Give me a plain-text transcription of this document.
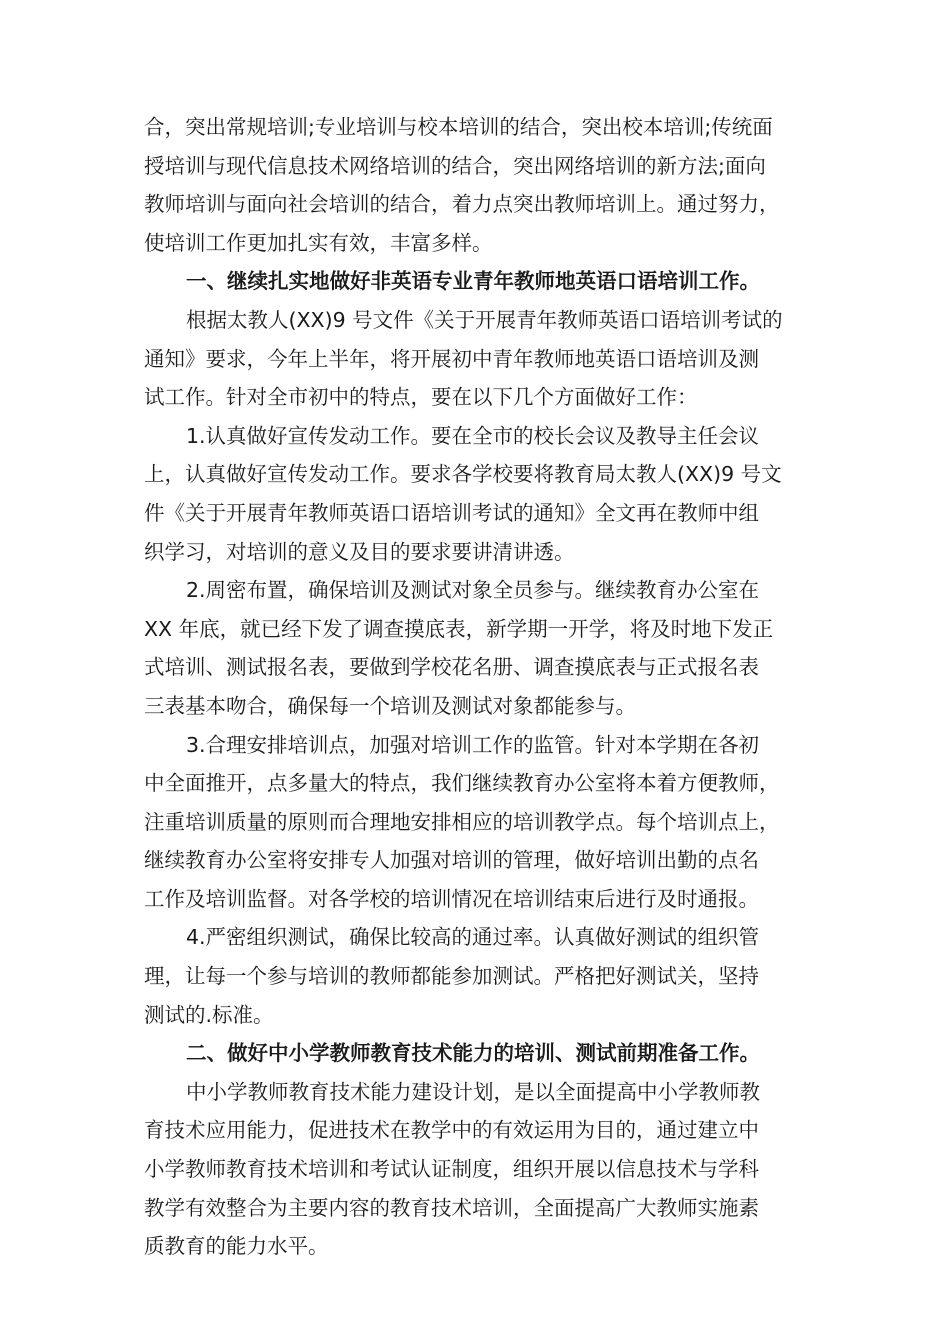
合，突出常规培训;专业培训与校本培训的结合，突出校本培训;传统面
授培训与现代信息技术网络培训的结合，突出网络培训的新方法;面向
教师培训与面向社会培训的结合，着力点突出教师培训上。通过努力，
使培训工作更加扎实有效，丰富多样。
一、继续扎实地做好非英语专业青年教师地英语口语培训工作。
根据太教人(XX)9 号文件《关于开展青年教师英语口语培训考试的
通知》要求，今年上半年，将开展初中青年教师地英语口语培训及测
试工作。针对全市初中的特点，要在以下几个方面做好工作：
1.认真做好宣传发动工作。要在全市的校长会议及教导主任会议
上，认真做好宣传发动工作。要求各学校要将教育局太教人(XX)9 号文
件《关于开展青年教师英语口语培训考试的通知》全文再在教师中组
织学习，对培训的意义及目的要求要讲清讲透。
2.周密布置，确保培训及测试对象全员参与。继续教育办公室在
XX 年底，就已经下发了调查摸底表，新学期一开学，将及时地下发正
式培训、测试报名表，要做到学校花名册、调查摸底表与正式报名表
三表基本吻合，确保每一个培训及测试对象都能参与。
3.合理安排培训点，加强对培训工作的监管。针对本学期在各初
中全面推开，点多量大的特点，我们继续教育办公室将本着方便教师，
注重培训质量的原则而合理地安排相应的培训教学点。每个培训点上，
继续教育办公室将安排专人加强对培训的管理，做好培训出勤的点名
工作及培训监督。对各学校的培训情况在培训结束后进行及时通报。
4.严密组织测试，确保比较高的通过率。认真做好测试的组织管
理，让每一个参与培训的教师都能参加测试。严格把好测试关，坚持
测试的.标准。
二、做好中小学教师教育技术能力的培训、测试前期准备工作。
中小学教师教育技术能力建设计划，是以全面提高中小学教师教
育技术应用能力，促进技术在教学中的有效运用为目的，通过建立中
小学教师教育技术培训和考试认证制度，组织开展以信息技术与学科
教学有效整合为主要内容的教育技术培训，全面提高广大教师实施素
质教育的能力水平。
